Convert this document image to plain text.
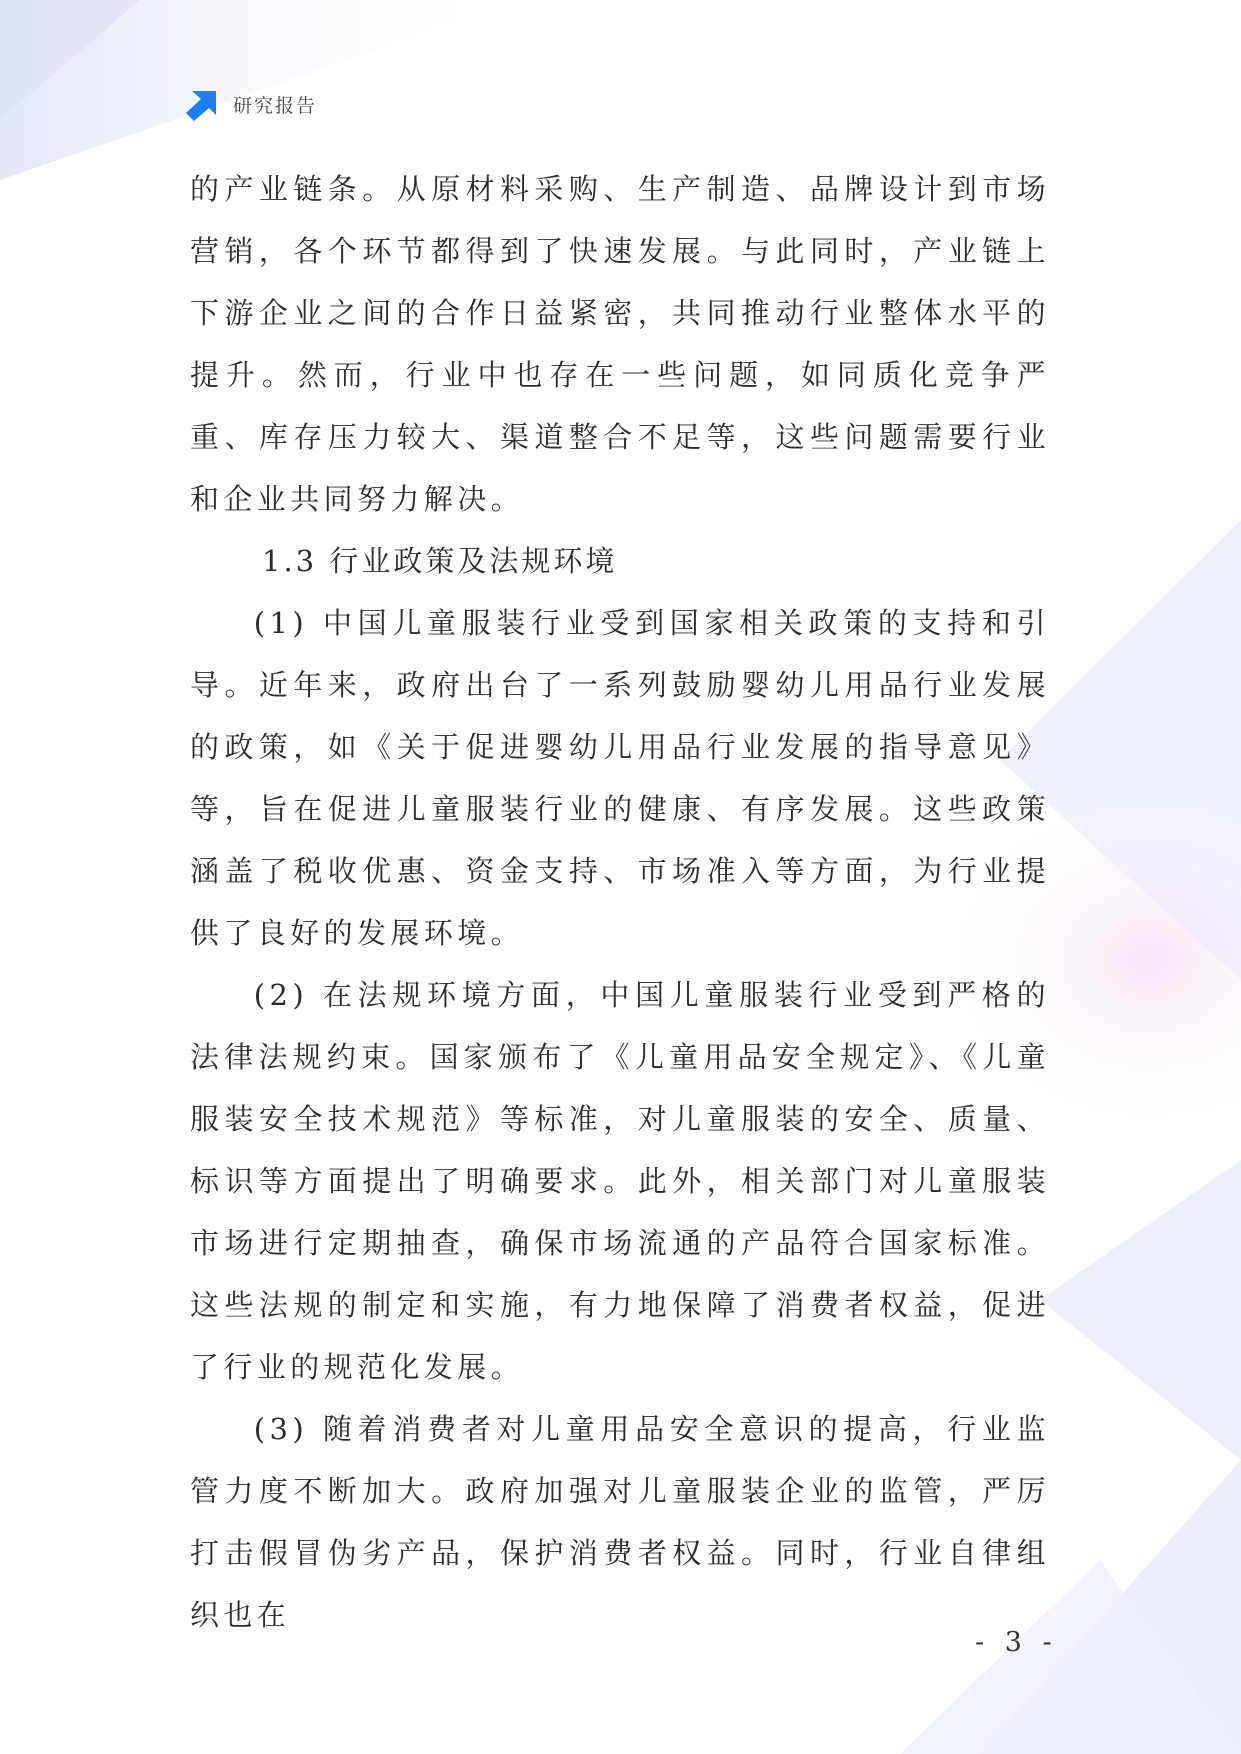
研究报告

的产业链条。从原材料采购、生产制造、品牌设计到市场营销，各个环节都得到了快速发展。与此同时，产业链上下游企业之间的合作日益紧密，共同推动行业整体水平的提升。然而，行业中也存在一些问题，如同质化竞争严重、库存压力较大、渠道整合不足等，这些问题需要行业和企业共同努力解决。

1.3 行业政策及法规环境

(1) 中国儿童服装行业受到国家相关政策的支持和引导。近年来，政府出台了一系列鼓励婴幼儿用品行业发展的政策，如《关于促进婴幼儿用品行业发展的指导意见》等，旨在促进儿童服装行业的健康、有序发展。这些政策涵盖了税收优惠、资金支持、市场准入等方面，为行业提供了良好的发展环境。

(2) 在法规环境方面，中国儿童服装行业受到严格的法律法规约束。国家颁布了《儿童用品安全规定》、《儿童服装安全技术规范》等标准，对儿童服装的安全、质量、标识等方面提出了明确要求。此外，相关部门对儿童服装市场进行定期抽查，确保市场流通的产品符合国家标准。这些法规的制定和实施，有力地保障了消费者权益，促进了行业的规范化发展。

(3) 随着消费者对儿童用品安全意识的提高，行业监管力度不断加大。政府加强对儿童服装企业的监管，严厉打击假冒伪劣产品，保护消费者权益。同时，行业自律组织也在

- 3 -
